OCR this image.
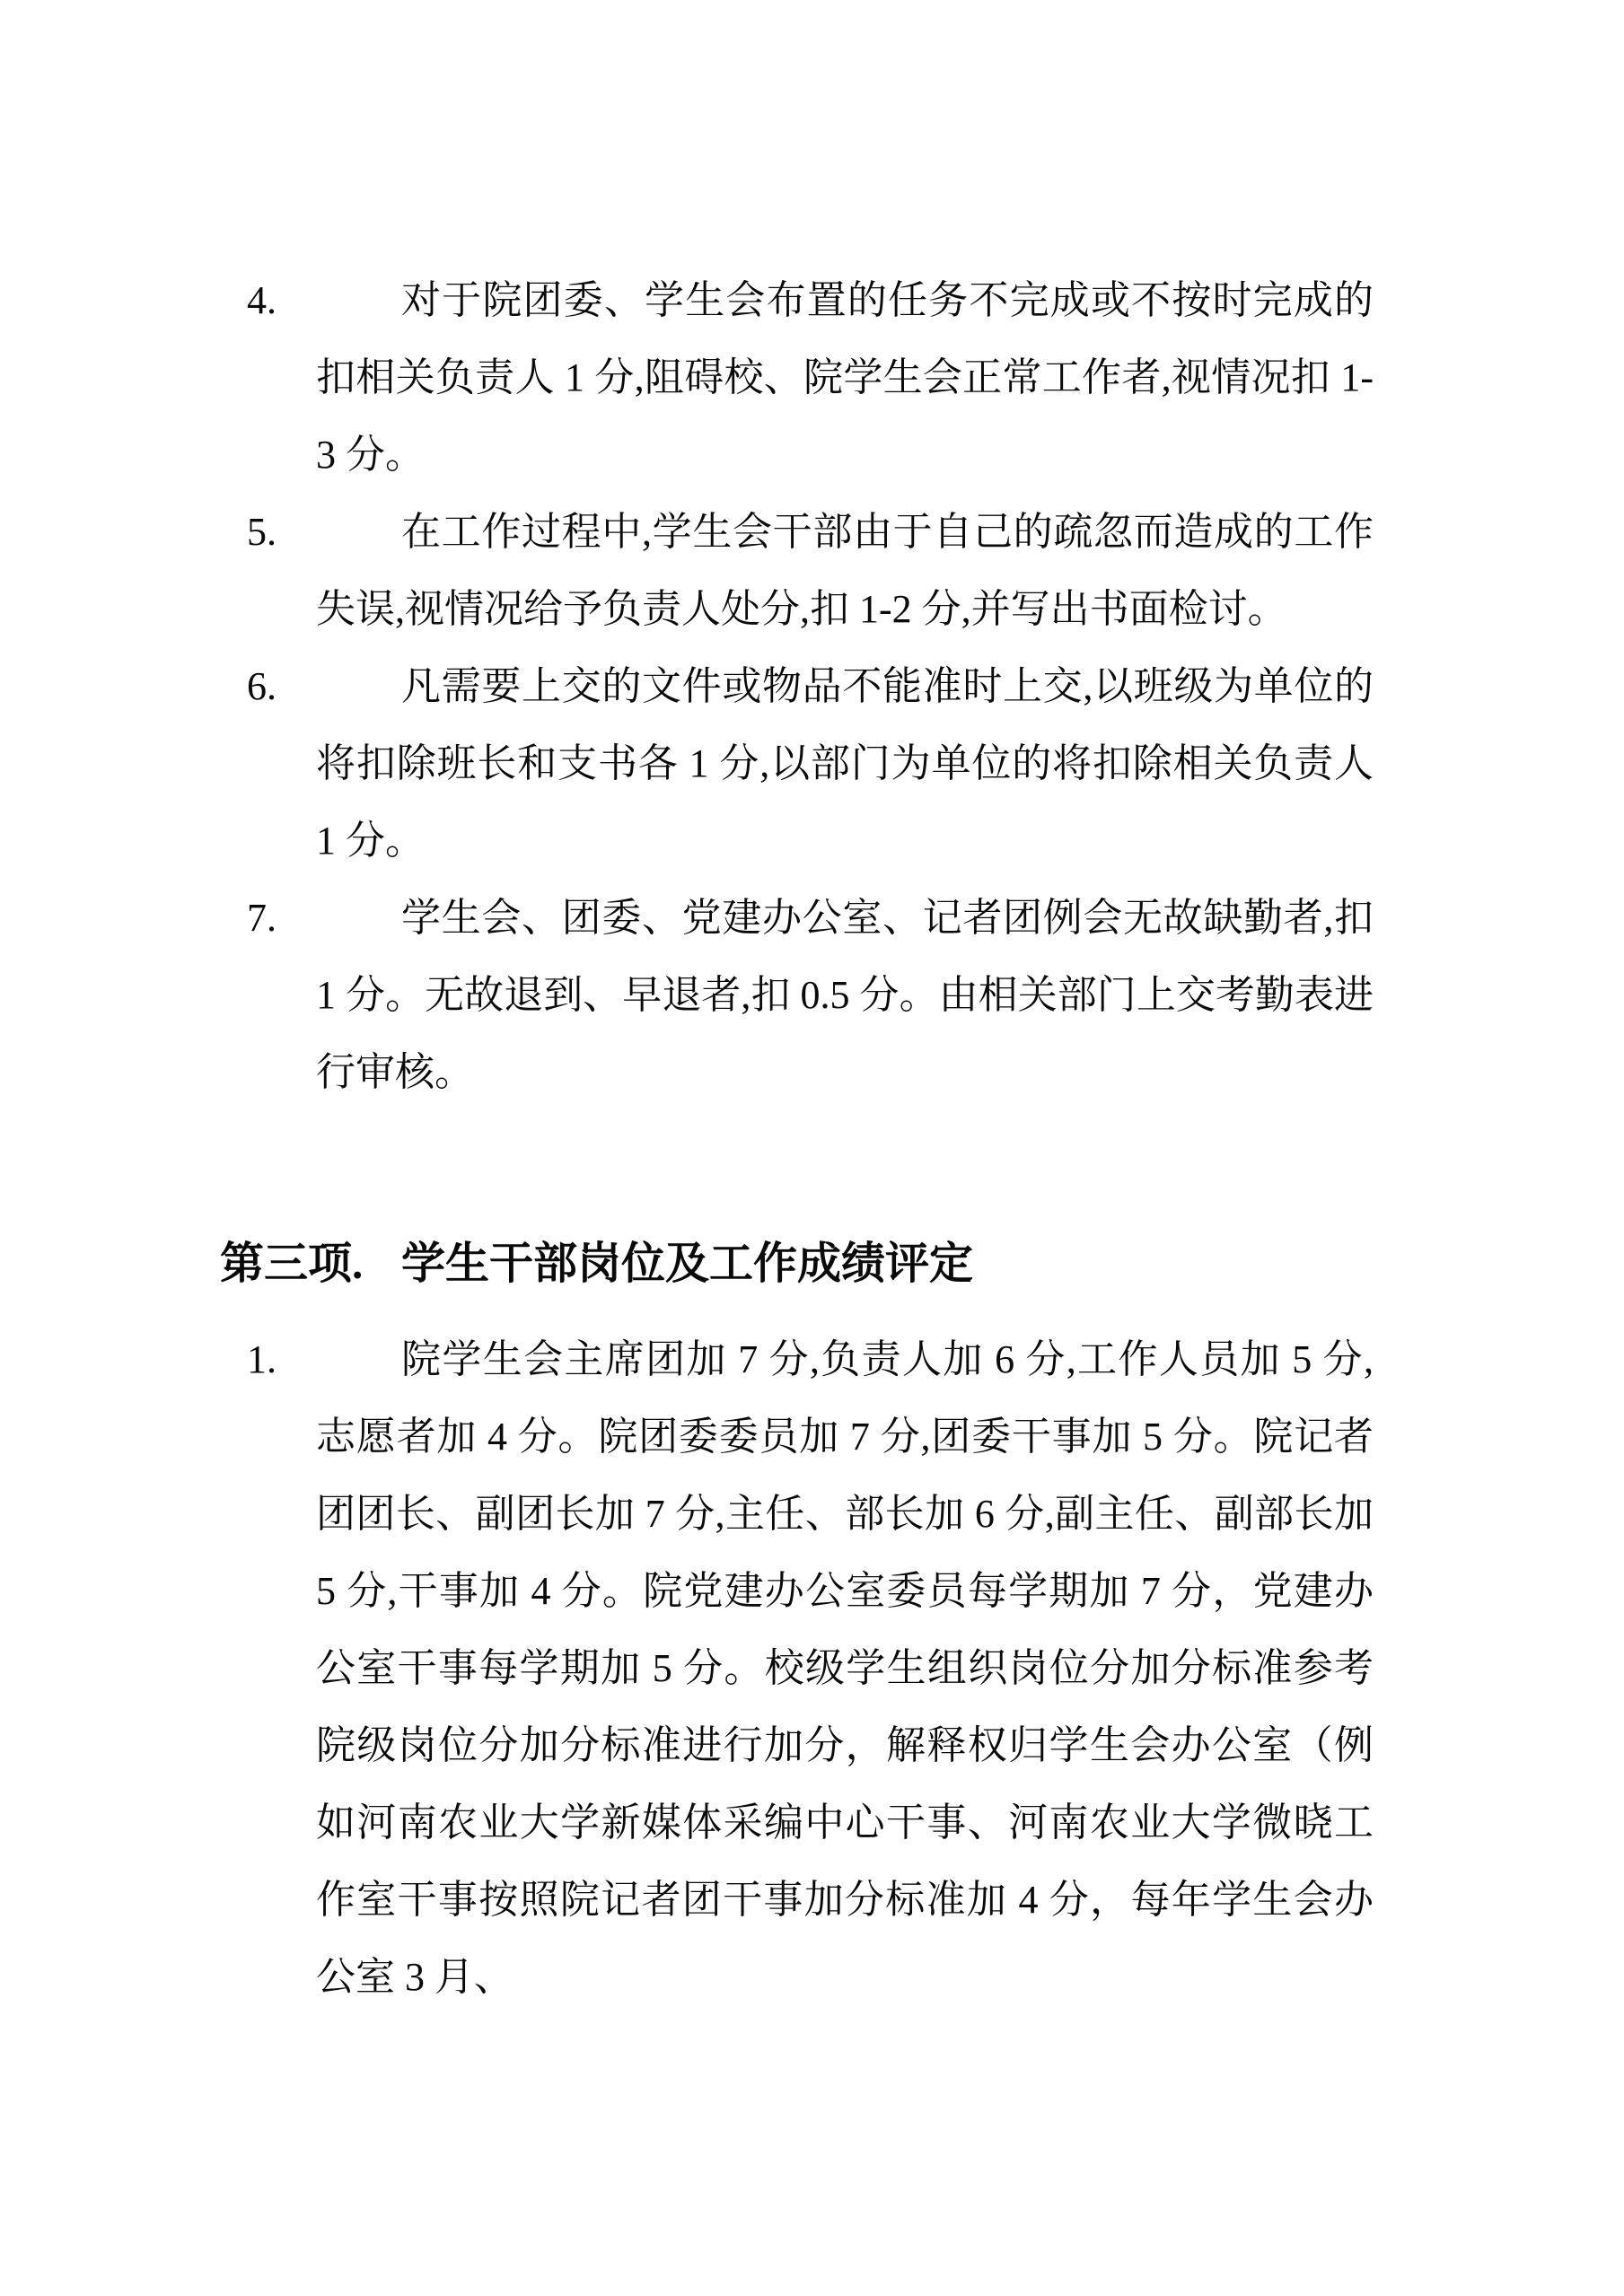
4.	对于院团委、学生会布置的任务不完成或不按时完成的扣相关负责人 1 分,阻碍校、院学生会正常工作者,视情况扣 1-3 分。
5.	在工作过程中,学生会干部由于自己的疏忽而造成的工作失误,视情况给予负责人处分,扣 1-2 分,并写出书面检讨。
6.	凡需要上交的文件或物品不能准时上交,以班级为单位的将扣除班长和支书各 1 分,以部门为单位的将扣除相关负责人 1 分。
7.	学生会、团委、党建办公室、记者团例会无故缺勤者,扣 1 分。无故退到、早退者,扣 0.5 分。由相关部门上交考勤表进行审核。
第三项. 学生干部岗位及工作成绩评定
1.	院学生会主席团加 7 分,负责人加 6 分,工作人员加 5 分,志愿者加 4 分。院团委委员加 7 分,团委干事加 5 分。院记者团团长、副团长加 7 分,主任、部长加 6 分,副主任、副部长加 5 分,干事加 4 分。院党建办公室委员每学期加 7 分，党建办公室干事每学期加 5 分。校级学生组织岗位分加分标准参考院级岗位分加分标准进行加分，解释权归学生会办公室（例如河南农业大学新媒体采编中心干事、河南农业大学微晓工作室干事按照院记者团干事加分标准加 4 分，每年学生会办公室 3 月、
